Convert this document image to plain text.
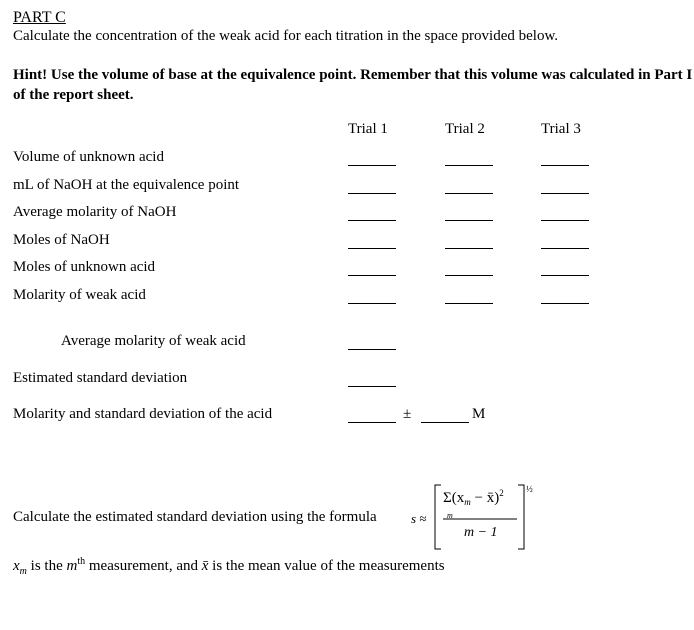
PART C
Calculate the concentration of the weak acid for each titration in the space provided below.
Hint! Use the volume of base at the equivalence point. Remember that this volume was calculated in Part I of the report sheet.
Trial 1	Trial 2	Trial 3
Volume of unknown acid
mL of NaOH at the equivalence point
Average molarity of NaOH
Moles of NaOH
Moles of unknown acid
Molarity of weak acid
Average molarity of weak acid
Estimated standard deviation
Molarity and standard deviation of the acid	±	M
Calculate the estimated standard deviation using the formula	s ≈
$\Sigma(x_m$ − x̄)$^2$
m
m − 1
½
$x_m$ is the $m^{th}$ measurement, and x̄ is the mean value of the measurements
